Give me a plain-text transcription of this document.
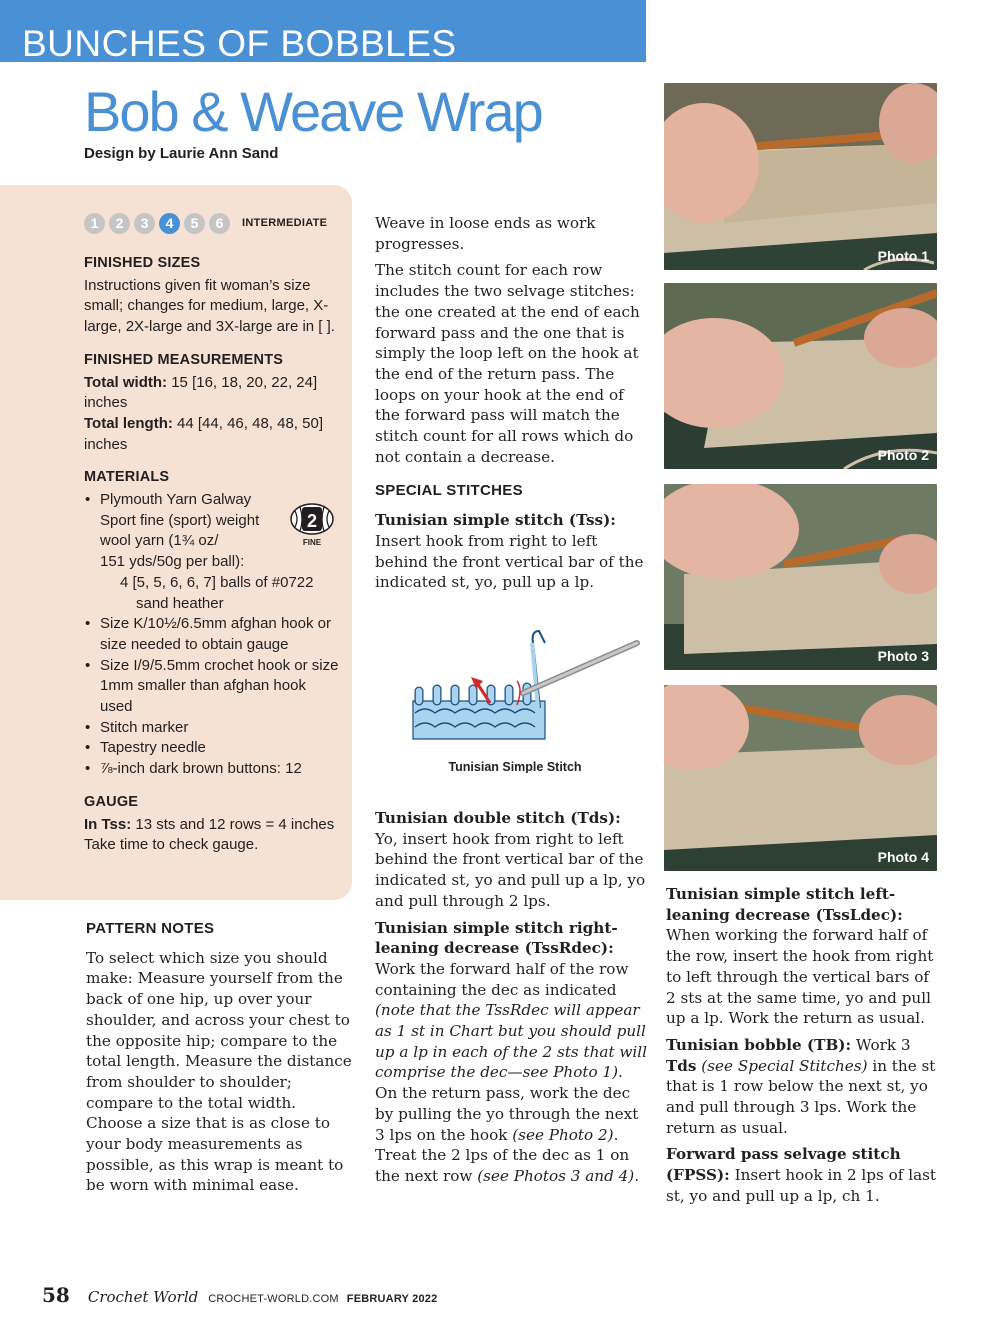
BUNCHES OF BOBBLES
Bob & Weave Wrap
Design by Laurie Ann Sand
1	2	3	4	5	6	INTERMEDIATE
FINISHED SIZES

Instructions given fit woman’s size small; changes for medium, large, X-large, 2X-large and 3X-large are in [ ].

FINISHED MEASUREMENTS

Total width: 15 [16, 18, 20, 22, 24] inches

Total length: 44 [44, 46, 48, 48, 50] inches

MATERIALS
• Plymouth Yarn Galway
Sport fine (sport) weight
wool yarn (1¾ oz/
151 yds/50g per ball):
4 [5, 5, 6, 6, 7] balls of #0722
sand heather
• Size K/10½/6.5mm afghan hook or size needed to obtain gauge
• Size I/9/5.5mm crochet hook or size 1mm smaller than afghan hook used
• Stitch marker
• Tapestry needle
• ⅞-inch dark brown buttons: 12
GAUGE

In Tss: 13 sts and 12 rows = 4 inches

Take time to check gauge.

2
FINE

PATTERN NOTES

To select which size you should make: Measure yourself from the back of one hip, up over your shoulder, and across your chest to the opposite hip; compare to the total length. Measure the distance from shoulder to shoulder; compare to the total width. Choose a size that is as close to your body measurements as possible, as this wrap is meant to be worn with minimal ease.

Weave in loose ends as work progresses.

The stitch count for each row includes the two selvage stitches: the one created at the end of each forward pass and the one that is simply the loop left on the hook at the end of the return pass. The loops on your hook at the end of the forward pass will match the stitch count for all rows which do not contain a decrease.

SPECIAL STITCHES

Tunisian simple stitch (Tss): Insert hook from right to left behind the front vertical bar of the indicated st, yo, pull up a lp.

Tunisian Simple Stitch

Tunisian double stitch (Tds): Yo, insert hook from right to left behind the front vertical bar of the indicated st, yo and pull up a lp, yo and pull through 2 lps.

Tunisian simple stitch right-leaning decrease (TssRdec): Work the forward half of the row containing the dec as indicated (note that the TssRdec will appear as 1 st in Chart but you should pull up a lp in each of the 2 sts that will comprise the dec—see Photo 1). On the return pass, work the dec by pulling the yo through the next 3 lps on the hook (see Photo 2). Treat the 2 lps of the dec as 1 on the next row (see Photos 3 and 4).

Photo 1
Photo 2
Photo 3
Photo 4

Tunisian simple stitch left-leaning decrease (TssLdec): When working the forward half of the row, insert the hook from right to left through the vertical bars of 2 sts at the same time, yo and pull up a lp. Work the return as usual.

Tunisian bobble (TB): Work 3 Tds (see Special Stitches) in the st that is 1 row below the next st, yo and pull through 3 lps. Work the return as usual.

Forward pass selvage stitch (FPSS): Insert hook in 2 lps of last st, yo and pull up a lp, ch 1.

58 Crochet World CROCHET-WORLD.COM FEBRUARY 2022
